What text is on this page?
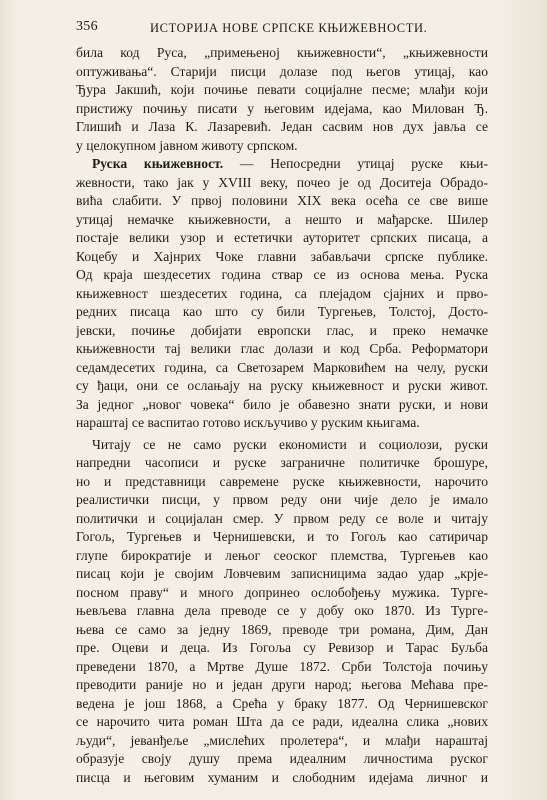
356	ИСТОРИЈА НОВЕ СРПСКЕ КЊИЖЕВНОСТИ.
била код Руса, „примењеној књижевности“, „књижевности
оптуживања“. Старији писци долазе под његов утицај, као
Ђура Јакшић, који почиње певати социјалне песме; млађи који
пристижу почињу писати у његовим идејама, као Милован Ђ.
Глишић и Лаза К. Лазаревић. Један сасвим нов дух јавља се
у целокупном јавном животу српском.
Руска књижевност. — Непосредни утицај руске књи-
жевности, тако јак у XVIII веку, почео је од Доситеја Обрадо-
вића слабити. У првој половини XIX века осећа се све више
утицај немачке књижевности, а нешто и мађарске. Шилер
постаје велики узор и естетички ауторитет српских писаца, а
Коцебу и Хајнрих Чоке главни забављачи српске публике.
Од краја шездесетих година ствар се из основа мења. Руска
књижевност шездесетих година, са плејадом сјајних и прво-
редних писаца као што су били Тургењев, Толстој, Досто-
јевски, почиње добијати европски глас, и преко немачке
књижевности тај велики глас долази и код Срба. Реформатори
седамдесетих година, са Светозарем Марковићем на челу, руски
су ђаци, они се ослањају на руску књижевност и руски живот.
За једног „новог човека“ било је обавезно знати руски, и нови
нараштај се васпитао готово искључиво у руским књигама.
Читају се не само руски економисти и социолози, руски
напредни часописи и руске заграничне политичке брошуре,
но и представници савремене руске књижевности, нарочито
реалистички писци, у првом реду они чије дело је имало
политички и социјалан смер. У првом реду се воле и читају
Гогољ, Тургењев и Чернишевски, и то Гогољ као сатиричар
глупе бирократије и лењог сеоског племства, Тургењев као
писац који је својим Ловчевим записницима задао удар „крје-
посном праву“ и много допринео ослобођењу мужика. Турге-
њевљева главна дела преводе се у добу око 1870. Из Турге-
њева се само за једну 1869, преводе три романа, Дим, Дан
пре. Оцеви и деца. Из Гогоља су Ревизор и Тарас Буљба
преведени 1870, а Мртве Душе 1872. Срби Толстоја почињу
преводити раније но и један други народ; његова Мећава пре-
ведена је још 1868, а Срећа у браку 1877. Од Чернишевског
се нарочито чита роман Шта да се ради, идеална слика „нових
људи“, јеванђеље „мислећих пролетера“, и млађи нараштај
образује своју душу према идеалним личностима руског
писца и његовим хуманим и слободним идејама личног и
